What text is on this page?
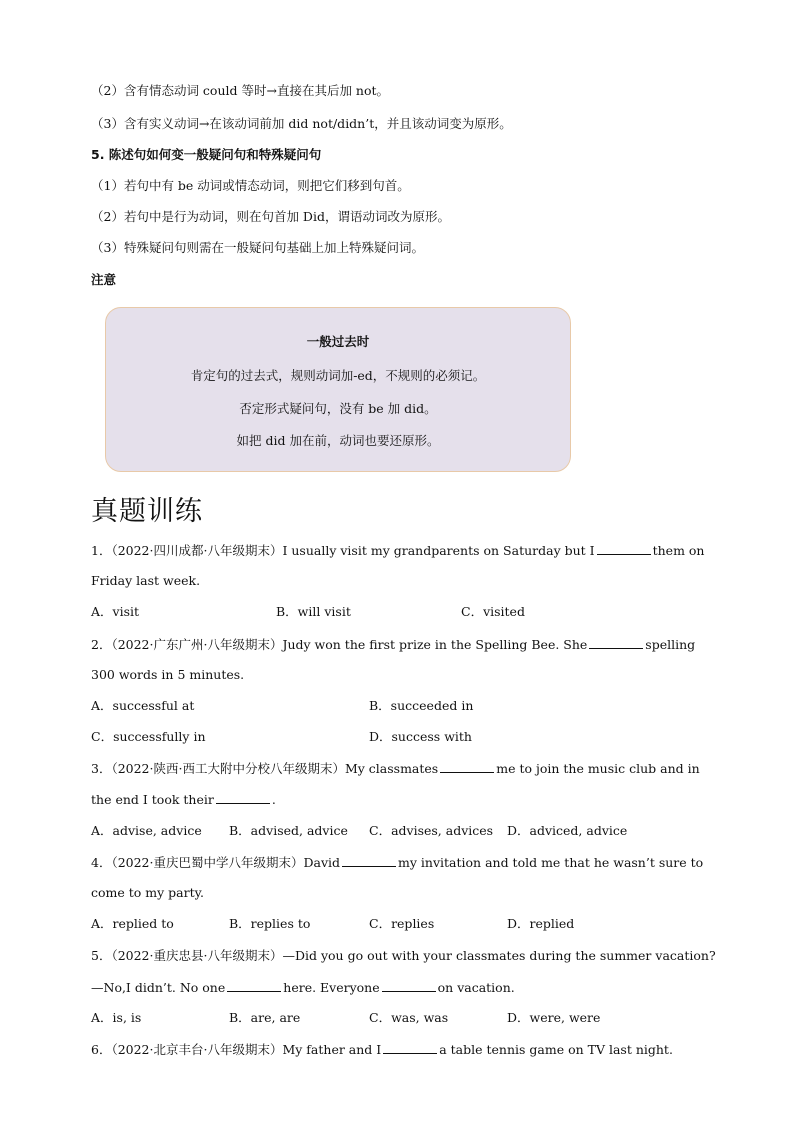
（2）含有情态动词 could 等时→直接在其后加 not。
（3）含有实义动词→在该动词前加 did not/didn’t，并且该动词变为原形。
5. 陈述句如何变一般疑问句和特殊疑问句
（1）若句中有 be 动词或情态动词，则把它们移到句首。
（2）若句中是行为动词，则在句首加 Did，谓语动词改为原形。
（3）特殊疑问句则需在一般疑问句基础上加上特殊疑问词。
注意
一般过去时
肯定句的过去式，规则动词加-ed，不规则的必须记。
否定形式疑问句，没有 be 加 did。
如把 did 加在前，动词也要还原形。
真题训练
1．（2022·四川成都·八年级期末）I usually visit my grandparents on Saturday but I	them on
Friday last week.
A．visit	B．will visit	C．visited
2．（2022·广东广州·八年级期末）Judy won the first prize in the Spelling Bee. She	spelling
300 words in 5 minutes.
A．successful at	B．succeeded in
C．successfully in	D．success with
3．（2022·陕西·西工大附中分校八年级期末）My classmates	me to join the music club and in
the end I took their	.
A．advise, advice B．advised, advice C．advises, advices D．adviced, advice
4．（2022·重庆巴蜀中学八年级期末）David	my invitation and told me that he wasn’t sure to
come to my party.
A．replied to	B．replies to	C．replies	D．replied
5．（2022·重庆忠县·八年级期末）—Did you go out with your classmates during the summer vacation?
—No,I didn’t. No one	here. Everyone	on vacation.
A．is, is	B．are, are	C．was, was	D．were, were
6．（2022·北京丰台·八年级期末）My father and I	a table tennis game on TV last night.
